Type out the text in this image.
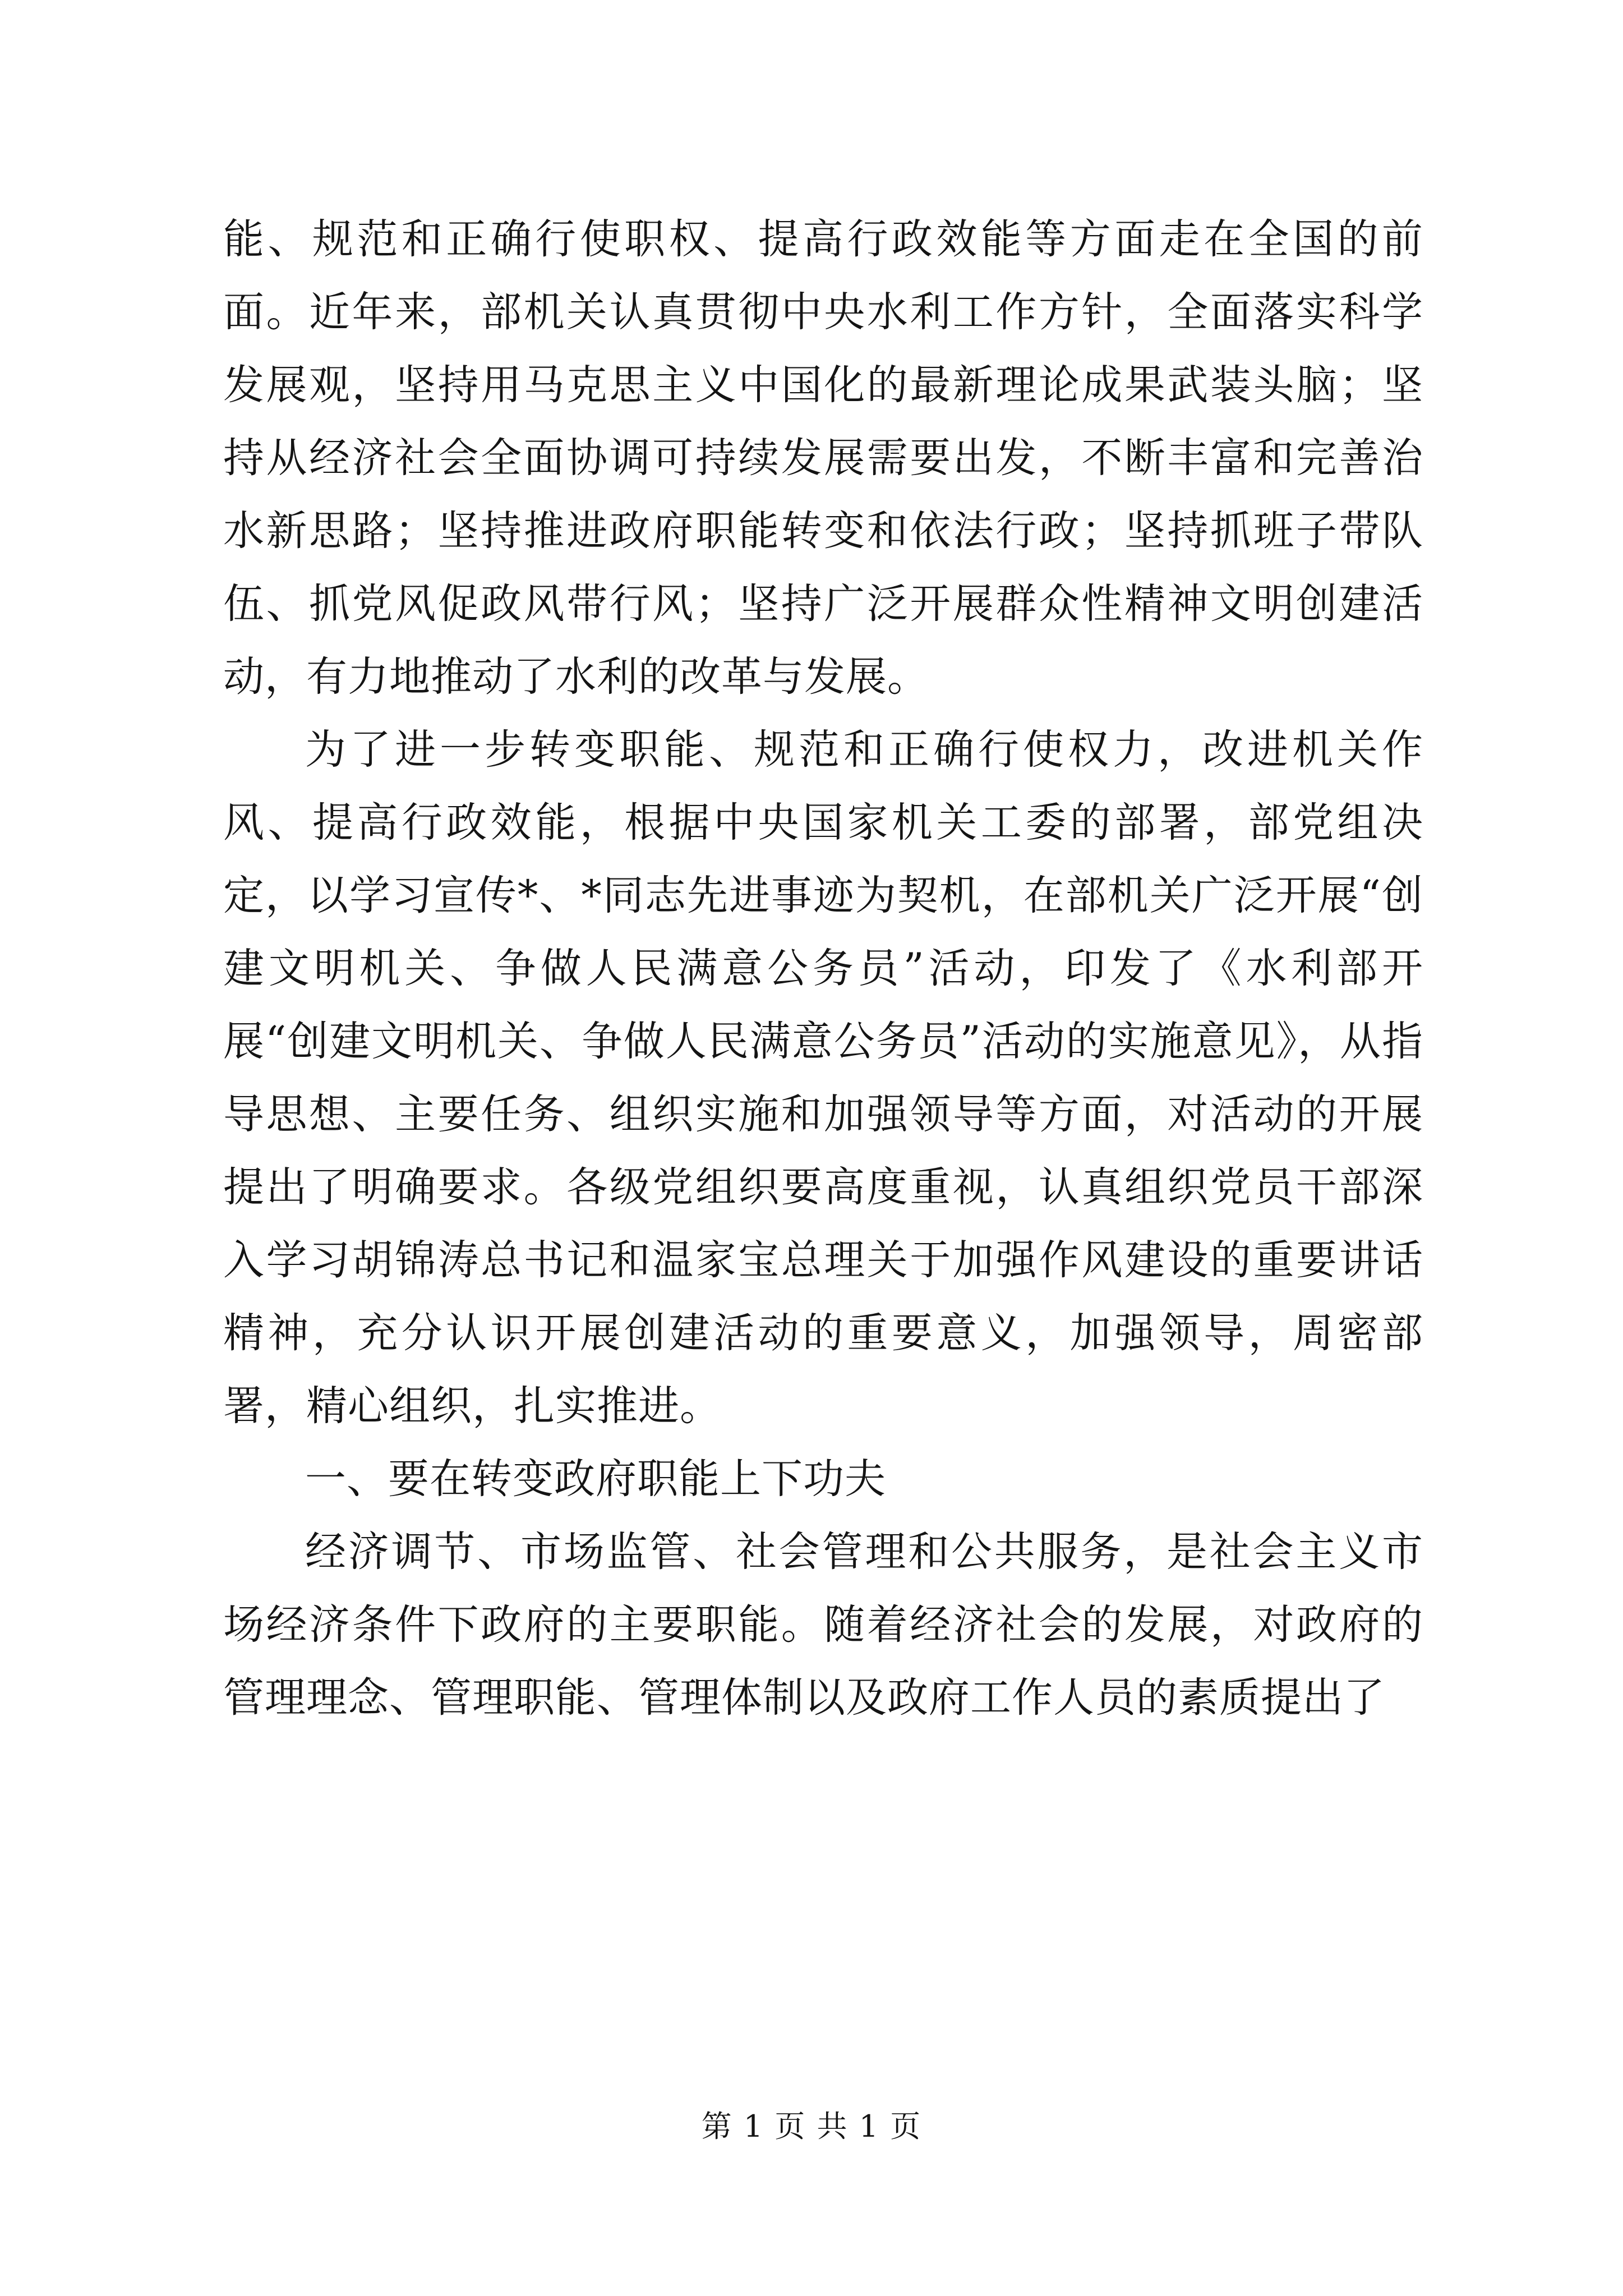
能、规范和正确行使职权、提高行政效能等方面走在全国的前面。近年来，部机关认真贯彻中央水利工作方针，全面落实科学发展观，坚持用马克思主义中国化的最新理论成果武装头脑；坚持从经济社会全面协调可持续发展需要出发，不断丰富和完善治水新思路；坚持推进政府职能转变和依法行政；坚持抓班子带队伍、抓党风促政风带行风；坚持广泛开展群众性精神文明创建活动，有力地推动了水利的改革与发展。

为了进一步转变职能、规范和正确行使权力，改进机关作风、提高行政效能，根据中央国家机关工委的部署，部党组决定，以学习宣传*、*同志先进事迹为契机，在部机关广泛开展“创建文明机关、争做人民满意公务员”活动，印发了《水利部开展“创建文明机关、争做人民满意公务员”活动的实施意见》，从指导思想、主要任务、组织实施和加强领导等方面，对活动的开展提出了明确要求。各级党组织要高度重视，认真组织党员干部深入学习胡锦涛总书记和温家宝总理关于加强作风建设的重要讲话精神，充分认识开展创建活动的重要意义，加强领导，周密部署，精心组织，扎实推进。

一、要在转变政府职能上下功夫

经济调节、市场监管、社会管理和公共服务，是社会主义市场经济条件下政府的主要职能。随着经济社会的发展，对政府的管理理念、管理职能、管理体制以及政府工作人员的素质提出了

第 1 页 共 1 页
